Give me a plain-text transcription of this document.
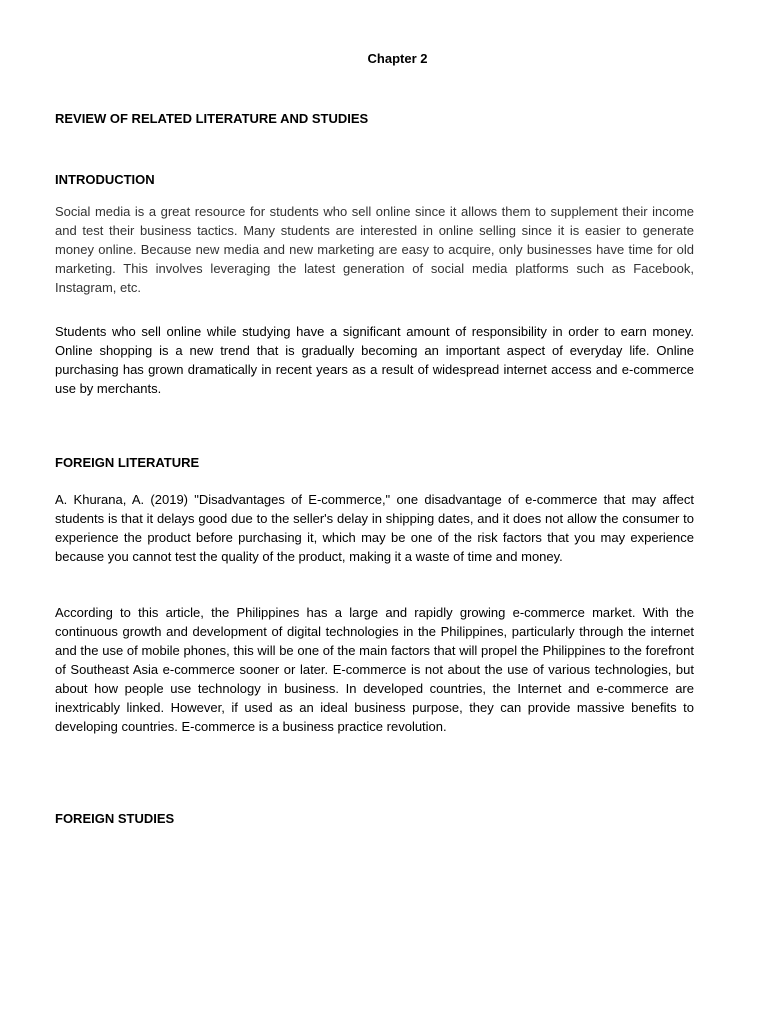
Chapter 2
REVIEW OF RELATED LITERATURE AND STUDIES
INTRODUCTION
Social media is a great resource for students who sell online since it allows them to supplement their income and test their business tactics. Many students are interested in online selling since it is easier to generate money online. Because new media and new marketing are easy to acquire, only businesses have time for old marketing. This involves leveraging the latest generation of social media platforms such as Facebook, Instagram, etc.
Students who sell online while studying have a significant amount of responsibility in order to earn money. Online shopping is a new trend that is gradually becoming an important aspect of everyday life. Online purchasing has grown dramatically in recent years as a result of widespread internet access and e-commerce use by merchants.
FOREIGN LITERATURE
A. Khurana, A. (2019) "Disadvantages of E-commerce," one disadvantage of e-commerce that may affect students is that it delays good due to the seller's delay in shipping dates, and it does not allow the consumer to experience the product before purchasing it, which may be one of the risk factors that you may experience because you cannot test the quality of the product, making it a waste of time and money.
According to this article, the Philippines has a large and rapidly growing e-commerce market. With the continuous growth and development of digital technologies in the Philippines, particularly through the internet and the use of mobile phones, this will be one of the main factors that will propel the Philippines to the forefront of Southeast Asia e-commerce sooner or later. E-commerce is not about the use of various technologies, but about how people use technology in business. In developed countries, the Internet and e-commerce are inextricably linked. However, if used as an ideal business purpose, they can provide massive benefits to developing countries. E-commerce is a business practice revolution.
FOREIGN STUDIES
